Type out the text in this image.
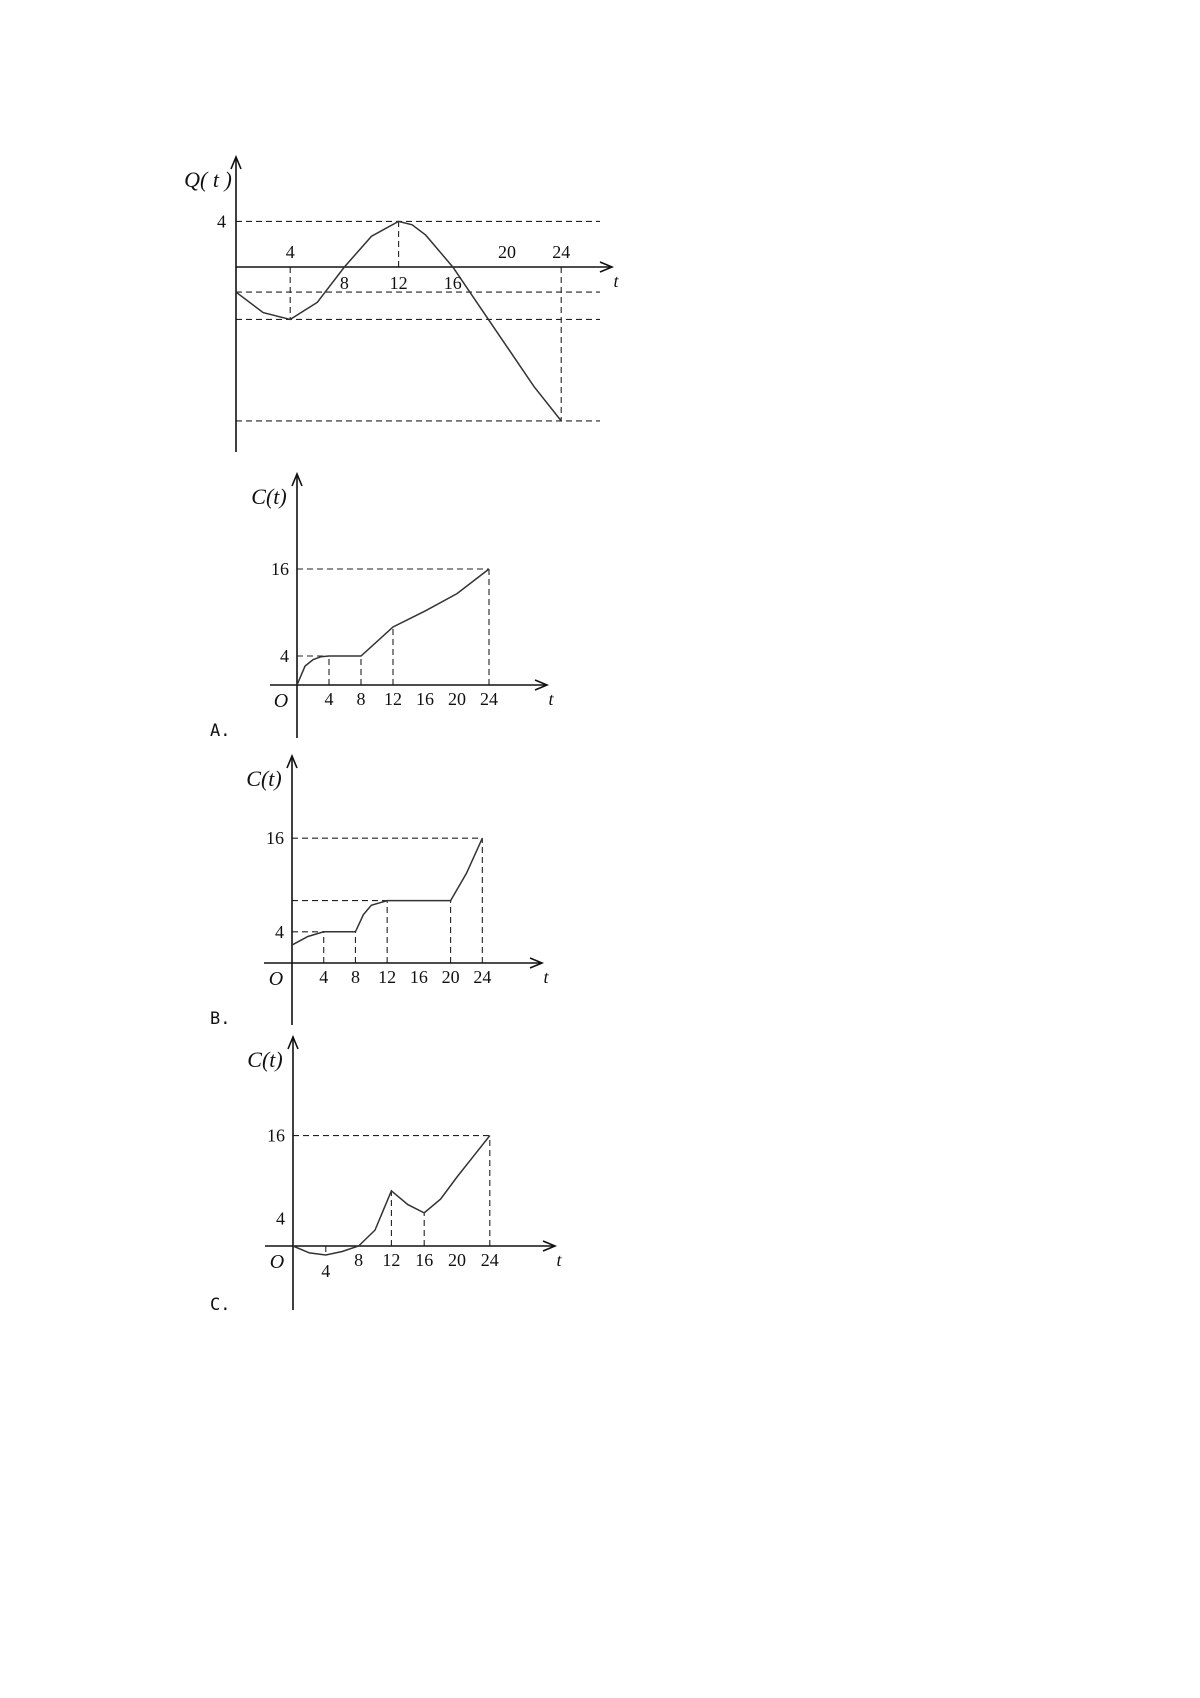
Q( t )
t
4
8 12 16
20 24
4
C(t)
t
O 4 8 12 16 20 24
4
16
A.
C(t)
t
O 4 8 12 16 20 24
4
16
B.
C(t)
t
O 4
8 12 16 20 24
4
16
C.
